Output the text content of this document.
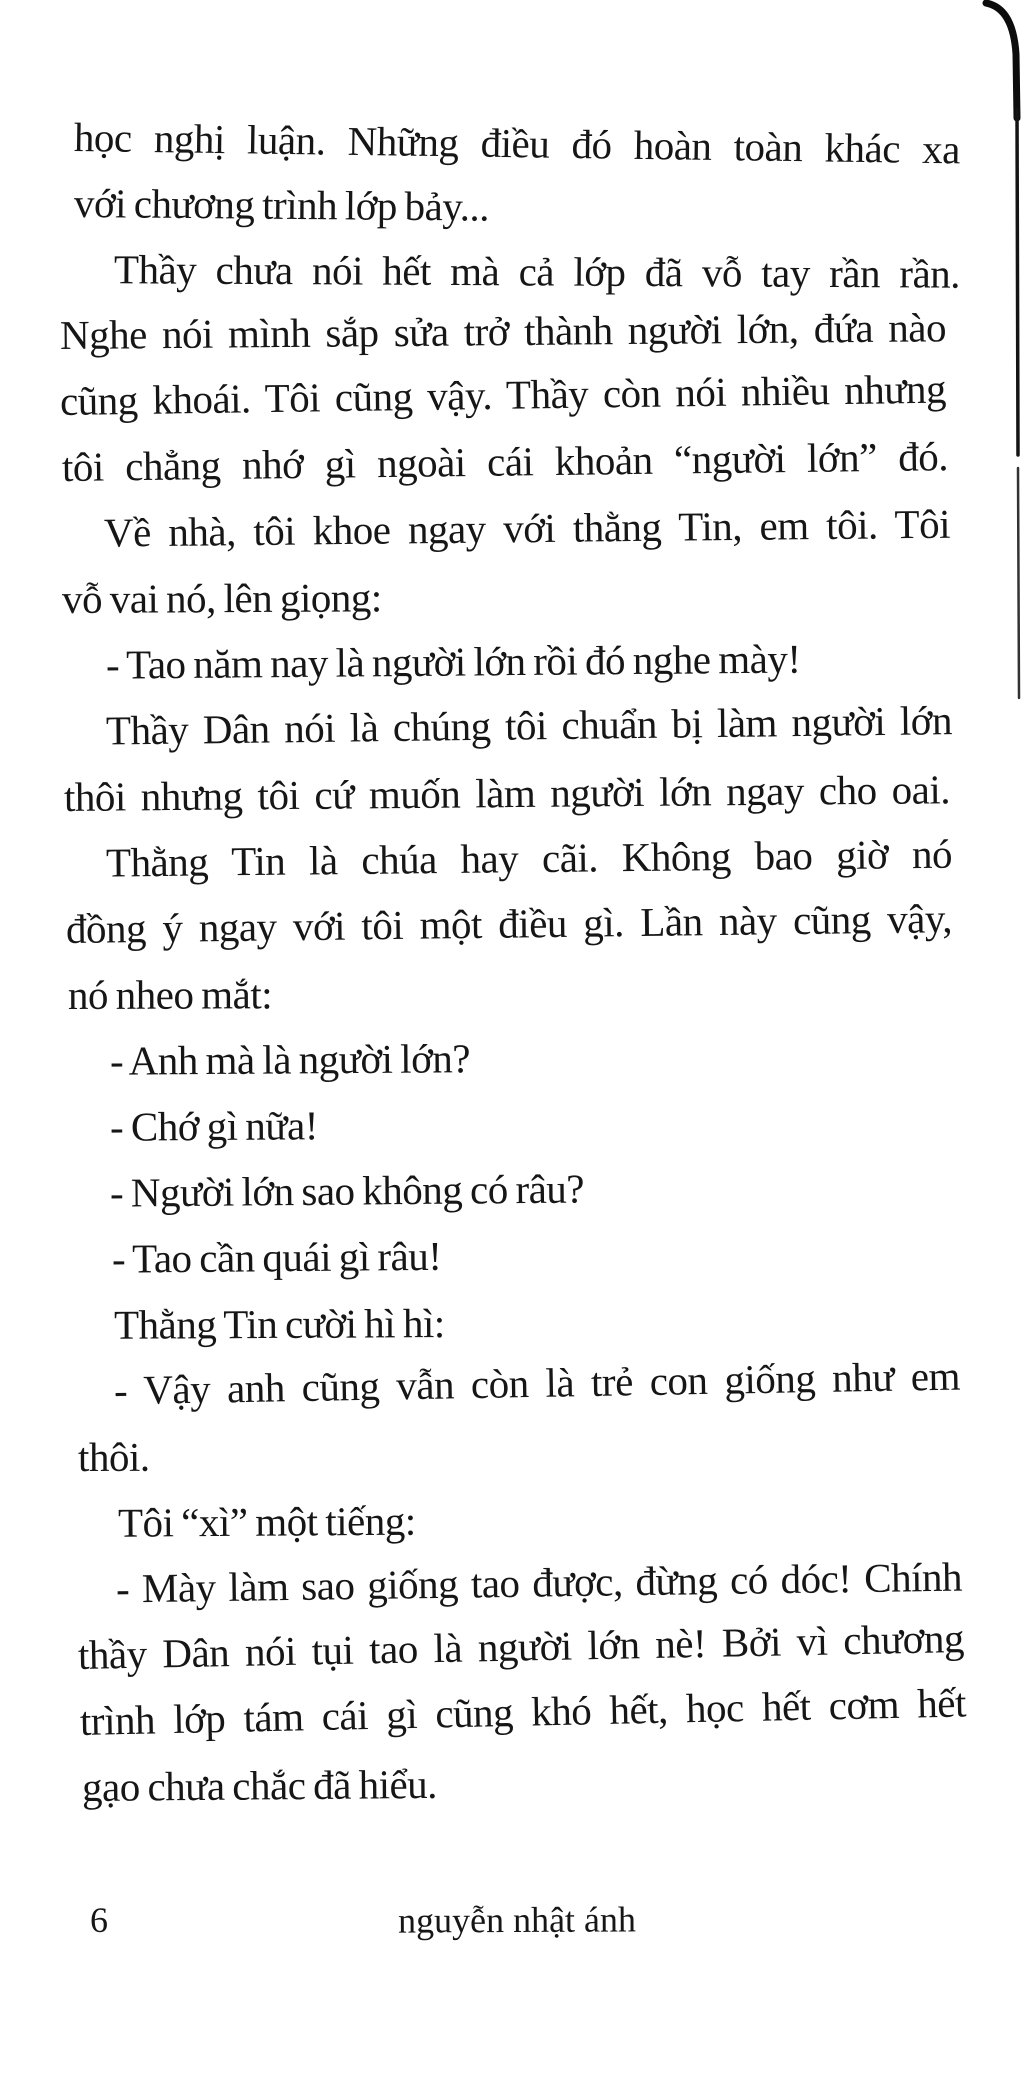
học nghị luận. Những điều đó hoàn toàn khác xa
với chương trình lớp bảy...
Thầy chưa nói hết mà cả lớp đã vỗ tay rần rần.
Nghe nói mình sắp sửa trở thành người lớn, đứa nào
cũng khoái. Tôi cũng vậy. Thầy còn nói nhiều nhưng
tôi chẳng nhớ gì ngoài cái khoản “người lớn” đó.
Về nhà, tôi khoe ngay với thằng Tin, em tôi. Tôi
vỗ vai nó, lên giọng:
- Tao năm nay là người lớn rồi đó nghe mày!
Thầy Dân nói là chúng tôi chuẩn bị làm người lớn
thôi nhưng tôi cứ muốn làm người lớn ngay cho oai.
Thằng Tin là chúa hay cãi. Không bao giờ nó
đồng ý ngay với tôi một điều gì. Lần này cũng vậy,
nó nheo mắt:
- Anh mà là người lớn?
- Chớ gì nữa!
- Người lớn sao không có râu?
- Tao cần quái gì râu!
Thằng Tin cười hì hì:
- Vậy anh cũng vẫn còn là trẻ con giống như em
thôi.
Tôi “xì” một tiếng:
- Mày làm sao giống tao được, đừng có dóc! Chính
thầy Dân nói tụi tao là người lớn nè! Bởi vì chương
trình lớp tám cái gì cũng khó hết, học hết cơm hết
gạo chưa chắc đã hiểu.
6	nguyễn nhật ánh
